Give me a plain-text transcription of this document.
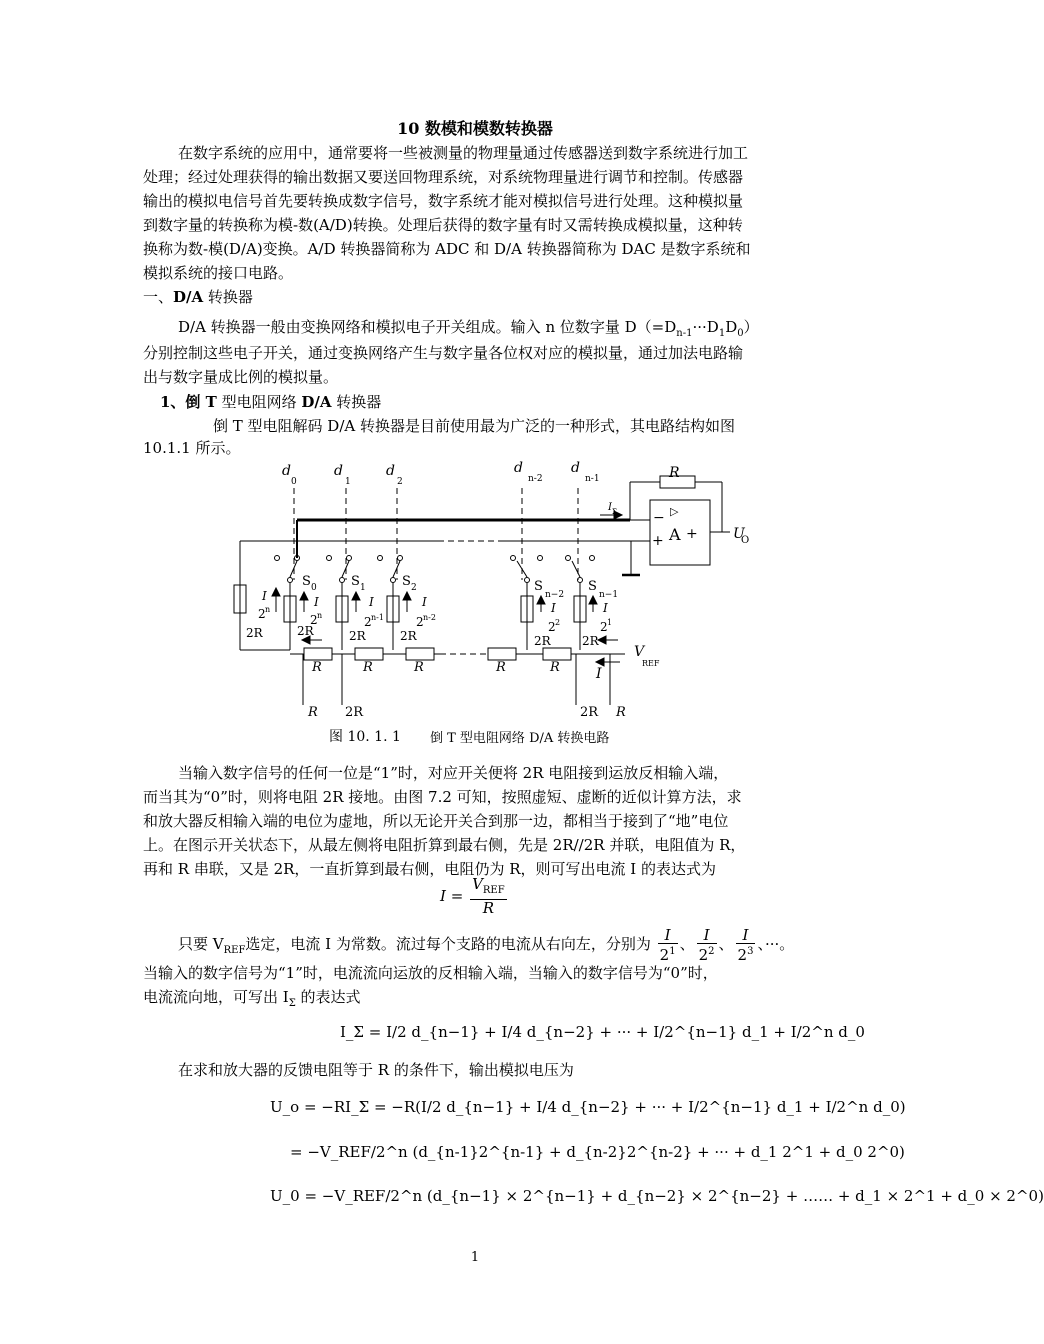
10 数模和模数转换器
在数字系统的应用中，通常要将一些被测量的物理量通过传感器送到数字系统进行加工
处理；经过处理获得的输出数据又要送回物理系统，对系统物理量进行调节和控制。传感器
输出的模拟电信号首先要转换成数字信号，数字系统才能对模拟信号进行处理。这种模拟量
到数字量的转换称为模-数(A/D)转换。处理后获得的数字量有时又需转换成模拟量，这种转
换称为数-模(D/A)变换。A/D 转换器简称为 ADC 和 D/A 转换器简称为 DAC 是数字系统和
模拟系统的接口电路。
一、D/A 转换器
D/A 转换器一般由变换网络和模拟电子开关组成。输入 n 位数字量 $D(=D_{n-1}\cdot\cdot\cdot D_1D_0)$
分别控制这些电子开关，通过变换网络产生与数字量各位权对应的模拟量，通过加法电路输
出与数字量成比例的模拟量。
1、倒 T 型电阻网络 D/A 转换器
倒 T 型电阻解码 D/A 转换器是目前使用最为广泛的一种形式，其电路结构如图
10.1.1 所示。
d
0
d
1
d
2
d
n-2
d
n-1	R
▷
−
A +
+	U
O
I Σ
S 0	S 1	S 2	S
n−2
S
n−1
I
2 n
2R
I
2 n
2R
I
2 n-1
2R
I
2 n-2
2R
I
2 2
2R
I
2 1
2R
R	R	R	R	R
V
REF
I
R 2R	2R R
图 10. 1. 1 倒 T 型电阻网络 D/A 转换电路
当输入数字信号的任何一位是“1”时，对应开关便将 2R 电阻接到运放反相输入端，
而当其为“0”时，则将电阻 2R 接地。由图 7.2 可知，按照虚短、虚断的近似计算方法，求
和放大器反相输入端的电位为虚地，所以无论开关合到那一边，都相当于接到了“地”电位
上。在图示开关状态下，从最左侧将电阻折算到最右侧，先是 2R//2R 并联，电阻值为 R，
再和 R 串联，又是 2R，一直折算到最右侧，电阻仍为 R，则可写出电流 I 的表达式为
$I = \frac{V_{REF}}{R}$
只要 $V_{REF}$选定，电流 I 为常数。流过每个支路的电流从右向左，分别为 $\frac{I}{2^1}$ 、 $\frac{I}{2^2}$ 、 $\frac{I}{2^3}$ 、···。
当输入的数字信号为“1”时，电流流向运放的反相输入端，当输入的数字信号为“0”时，
电流流向地，可写出 $I_\Sigma$ 的表达式
I_Σ = I/2 d_{n−1} + I/4 d_{n−2} + ··· + I/2^{n−1} d_1 + I/2^n d_0
在求和放大器的反馈电阻等于 R 的条件下，输出模拟电压为
U_o = −RI_Σ = −R(I/2 d_{n−1} + I/4 d_{n−2} + ··· + I/2^{n−1} d_1 + I/2^n d_0)
= −V_REF/2^n (d_{n-1}2^{n-1} + d_{n-2}2^{n-2} + ··· + d_1 2^1 + d_0 2^0)
U_0 = −V_REF/2^n (d_{n−1} × 2^{n−1} + d_{n−2} × 2^{n−2} + …… + d_1 × 2^1 + d_0 × 2^0)
1
